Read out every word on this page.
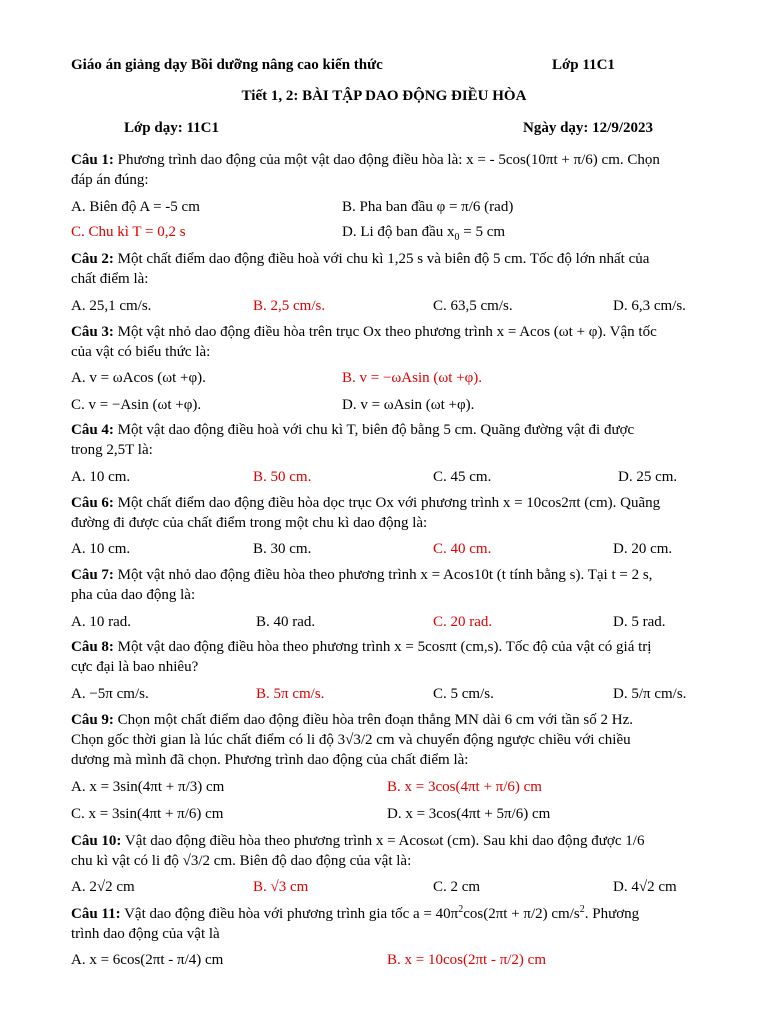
Giáo án giảng dạy Bồi dưỡng nâng cao kiến thức	Lớp 11C1
Tiết 1, 2: BÀI TẬP DAO ĐỘNG ĐIỀU HÒA
Lớp dạy: 11C1	Ngày dạy: 12/9/2023
Câu 1: Phương trình dao động của một vật dao động điều hòa là: x = - 5cos(10πt + π/6) cm. Chọn
đáp án đúng:
A. Biên độ A = -5 cm	B. Pha ban đầu φ = π/6 (rad)
C. Chu kì T = 0,2 s	D. Li độ ban đầu $x_0 = 5$ cm
Câu 2: Một chất điểm dao động điều hoà với chu kì 1,25 s và biên độ 5 cm. Tốc độ lớn nhất của
chất điểm là:
A. 25,1 cm/s.	B. 2,5 cm/s.	C. 63,5 cm/s.	D. 6,3 cm/s.
Câu 3: Một vật nhỏ dao động điều hòa trên trục Ox theo phương trình x = Acos (ωt + φ). Vận tốc
của vật có biểu thức là:
A. v = ωAcos (ωt +φ).	B. v = −ωAsin (ωt +φ).
C. v = −Asin (ωt +φ).	D. v = ωAsin (ωt +φ).
Câu 4: Một vật dao động điều hoà với chu kì T, biên độ bằng 5 cm. Quãng đường vật đi được
trong 2,5T là:
A. 10 cm.	B. 50 cm.	C. 45 cm.	D. 25 cm.
Câu 6: Một chất điểm dao động điều hòa dọc trục Ox với phương trình x = 10cos2πt (cm). Quãng
đường đi được của chất điểm trong một chu kì dao động là:
A. 10 cm.	B. 30 cm.	C. 40 cm.	D. 20 cm.
Câu 7: Một vật nhỏ dao động điều hòa theo phương trình x = Acos10t (t tính bằng s). Tại t = 2 s,
pha của dao động là:
A. 10 rad.	B. 40 rad.	C. 20 rad.	D. 5 rad.
Câu 8: Một vật dao động điều hòa theo phương trình x = 5cosπt (cm,s). Tốc độ của vật có giá trị
cực đại là bao nhiêu?
A. −5π cm/s.	B. 5π cm/s.	C. 5 cm/s.	D. 5/π cm/s.
Câu 9: Chọn một chất điểm dao động điều hòa trên đoạn thẳng MN dài 6 cm với tần số 2 Hz.
Chọn gốc thời gian là lúc chất điểm có li độ 3√3/2 cm và chuyển động ngược chiều với chiều
dương mà mình đã chọn. Phương trình dao động của chất điểm là:
A. x = 3sin(4πt + π/3) cm	B. x = 3cos(4πt + π/6) cm
C. x = 3sin(4πt + π/6) cm	D. x = 3cos(4πt + 5π/6) cm
Câu 10: Vật dao động điều hòa theo phương trình x = Acosωt (cm). Sau khi dao động được 1/6
chu kì vật có li độ √3/2 cm. Biên độ dao động của vật là:
A. 2√2 cm	B. √3 cm	C. 2 cm	D. 4√2 cm
Câu 11: Vật dao động điều hòa với phương trình gia tốc $a = 40\pi^2\cos(2\pi t + \pi/2)$ $cm/s^2$. Phương
trình dao động của vật là
A. x = 6cos(2πt - π/4) cm	B. x = 10cos(2πt - π/2) cm
